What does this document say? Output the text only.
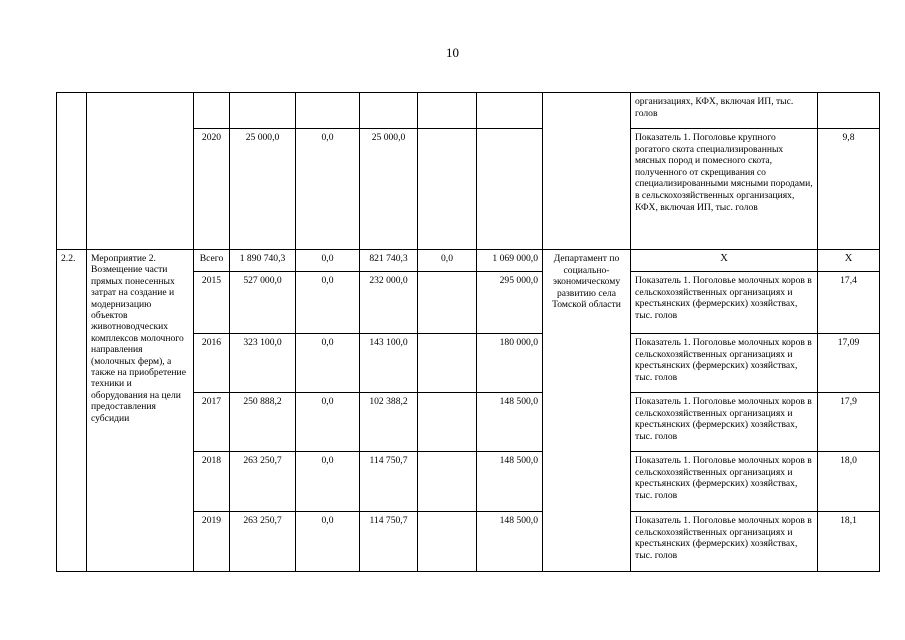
10
									организациях, КФХ, включая ИП, тыс. голов	
		2020	25 000,0	0,0	25 000,0				Показатель 1. Поголовье крупного рогатого скота специализированных мясных пород и помесного скота, полученного от скрещивания со специализированными мясными породами, в сельскохозяйственных организациях, КФХ, включая ИП, тыс. голов	9,8
2.2.	Мероприятие 2. Возмещение части прямых понесенных затрат на создание и модернизацию объектов животноводческих комплексов молочного направления (молочных ферм), а также на приобретение техники и оборудования на цели предоставления субсидии	Всего	1 890 740,3	0,0	821 740,3	0,0	1 069 000,0	Департамент по социально-экономическому развитию села Томской области	X	X
		2015	527 000,0	0,0	232 000,0		295 000,0		Показатель 1. Поголовье молочных коров в сельскохозяйственных организациях и крестьянских (фермерских) хозяйствах, тыс. голов	17,4
		2016	323 100,0	0,0	143 100,0		180 000,0		Показатель 1. Поголовье молочных коров в сельскохозяйственных организациях и крестьянских (фермерских) хозяйствах, тыс. голов	17,09
		2017	250 888,2	0,0	102 388,2		148 500,0		Показатель 1. Поголовье молочных коров в сельскохозяйственных организациях и крестьянских (фермерских) хозяйствах, тыс. голов	17,9
		2018	263 250,7	0,0	114 750,7		148 500,0		Показатель 1. Поголовье молочных коров в сельскохозяйственных организациях и крестьянских (фермерских) хозяйствах, тыс. голов	18,0
		2019	263 250,7	0,0	114 750,7		148 500,0		Показатель 1. Поголовье молочных коров в сельскохозяйственных организациях и крестьянских (фермерских) хозяйствах, тыс. голов	18,1
